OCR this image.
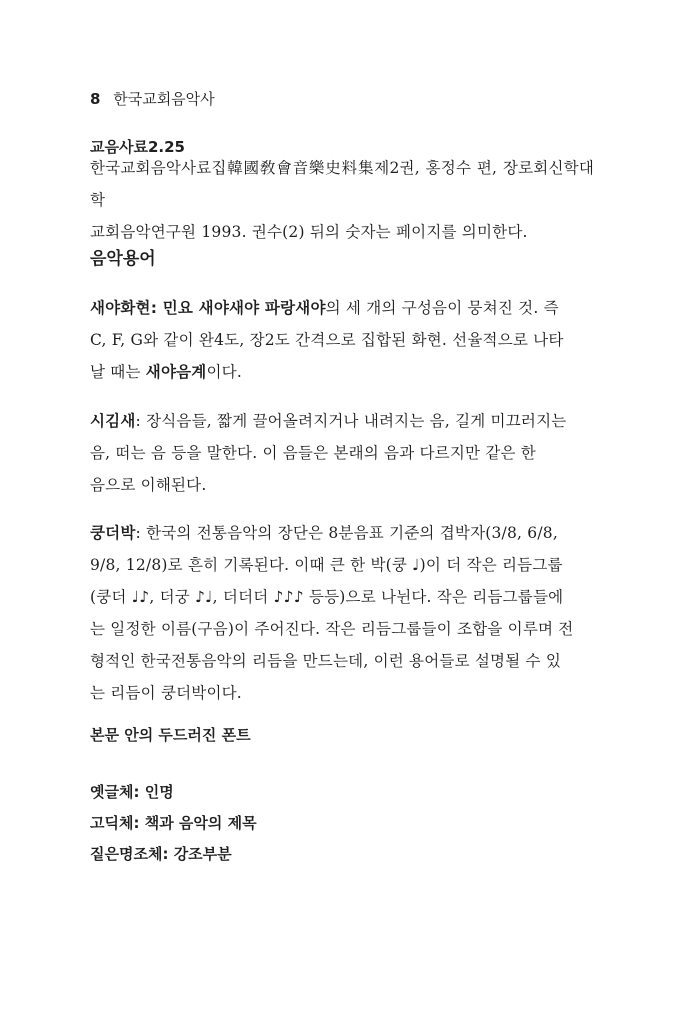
8 한국교회음악사
교음사료2.25
한국교회음악사료집韓國敎會音樂史料集제2권, 홍정수 편, 장로회신학대학
교회음악연구원 1993. 권수(2) 뒤의 숫자는 페이지를 의미한다.
음악용어
새야화현: 민요 새야새야 파랑새야의 세 개의 구성음이 뭉쳐진 것. 즉
C, F, G와 같이 완4도, 장2도 간격으로 집합된 화현. 선율적으로 나타
날 때는 새야음계이다.
시김새: 장식음들, 짧게 끌어올려지거나 내려지는 음, 길게 미끄러지는
음, 떠는 음 등을 말한다. 이 음들은 본래의 음과 다르지만 같은 한
음으로 이해된다.
쿵더박: 한국의 전통음악의 장단은 8분음표 기준의 겹박자(3/8, 6/8,
9/8, 12/8)로 흔히 기록된다. 이때 큰 한 박(쿵 ♩)이 더 작은 리듬그룹
(쿵더 ♩♪, 더궁 ♪♩, 더더더 ♪♪♪ 등등)으로 나뉜다. 작은 리듬그룹들에
는 일정한 이름(구음)이 주어진다. 작은 리듬그룹들이 조합을 이루며 전
형적인 한국전통음악의 리듬을 만드는데, 이런 용어들로 설명될 수 있
는 리듬이 쿵더박이다.
본문 안의 두드러진 폰트
옛글체: 인명
고딕체: 책과 음악의 제목
짙은명조체: 강조부분
